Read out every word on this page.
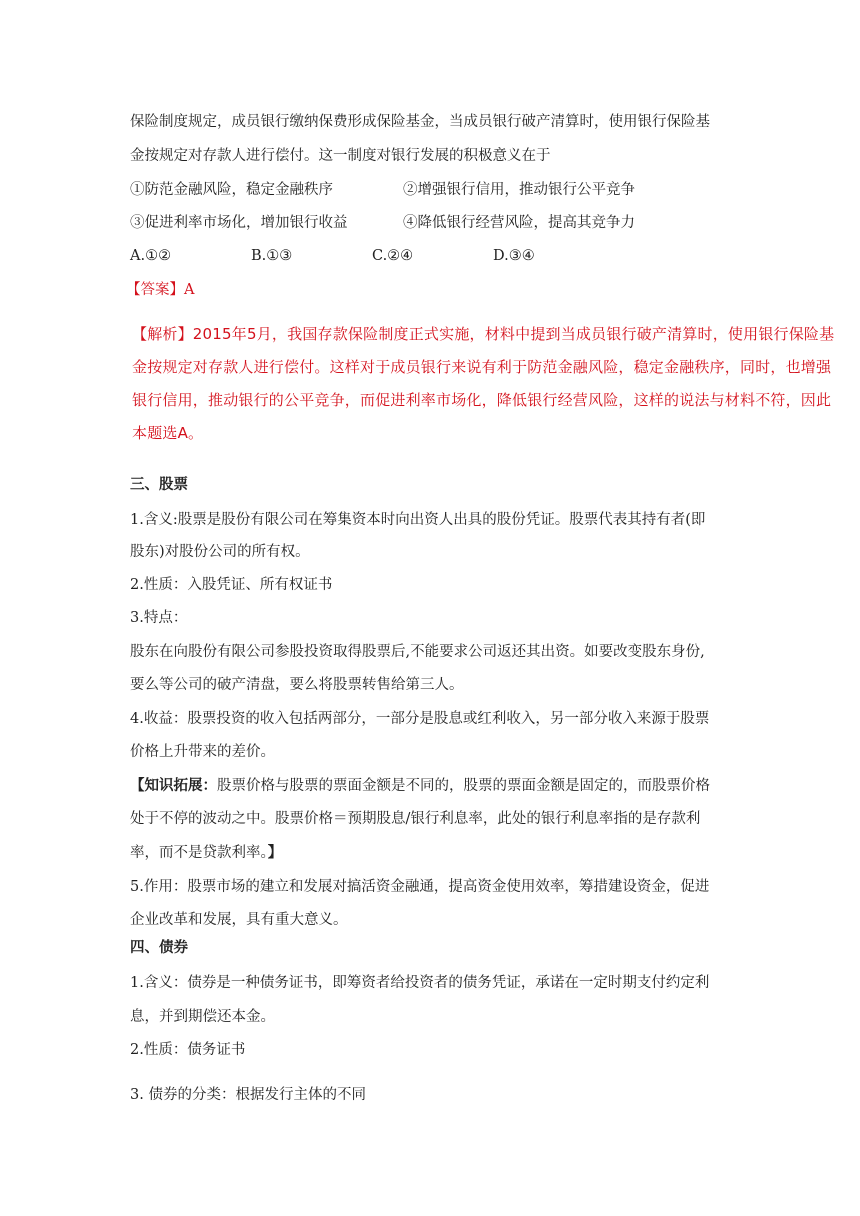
保险制度规定，成员银行缴纳保费形成保险基金，当成员银行破产清算时，使用银行保险基
金按规定对存款人进行偿付。这一制度对银行发展的积极意义在于
①防范金融风险，稳定金融秩序	②增强银行信用，推动银行公平竞争
③促进利率市场化，增加银行收益	④降低银行经营风险，提高其竞争力
A.①②	B.①③	C.②④	D.③④
【答案】A

【解析】2015年5月，我国存款保险制度正式实施，材料中提到当成员银行破产清算时，使用银行保险基金按规定对存款人进行偿付。这样对于成员银行来说有利于防范金融风险，稳定金融秩序，同时，也增强银行信用，推动银行的公平竞争，而促进利率市场化，降低银行经营风险，这样的说法与材料不符，因此本题选A。

三、股票
1.含义:股票是股份有限公司在筹集资本时向出资人出具的股份凭证。股票代表其持有者(即
股东)对股份公司的所有权。
2.性质：入股凭证、所有权证书
3.特点：
股东在向股份有限公司参股投资取得股票后,不能要求公司返还其出资。如要改变股东身份,
要么等公司的破产清盘，要么将股票转售给第三人。
4.收益：股票投资的收入包括两部分，一部分是股息或红利收入，另一部分收入来源于股票
价格上升带来的差价。
【知识拓展：股票价格与股票的票面金额是不同的，股票的票面金额是固定的，而股票价格
处于不停的波动之中。股票价格＝预期股息/银行利息率，此处的银行利息率指的是存款利
率，而不是贷款利率。】
5.作用：股票市场的建立和发展对搞活资金融通，提高资金使用效率，筹措建设资金，促进
企业改革和发展，具有重大意义。
四、债券
1.含义：债券是一种债务证书，即筹资者给投资者的债务凭证，承诺在一定时期支付约定利
息，并到期偿还本金。
2.性质：债务证书
3. 债券的分类：根据发行主体的不同
